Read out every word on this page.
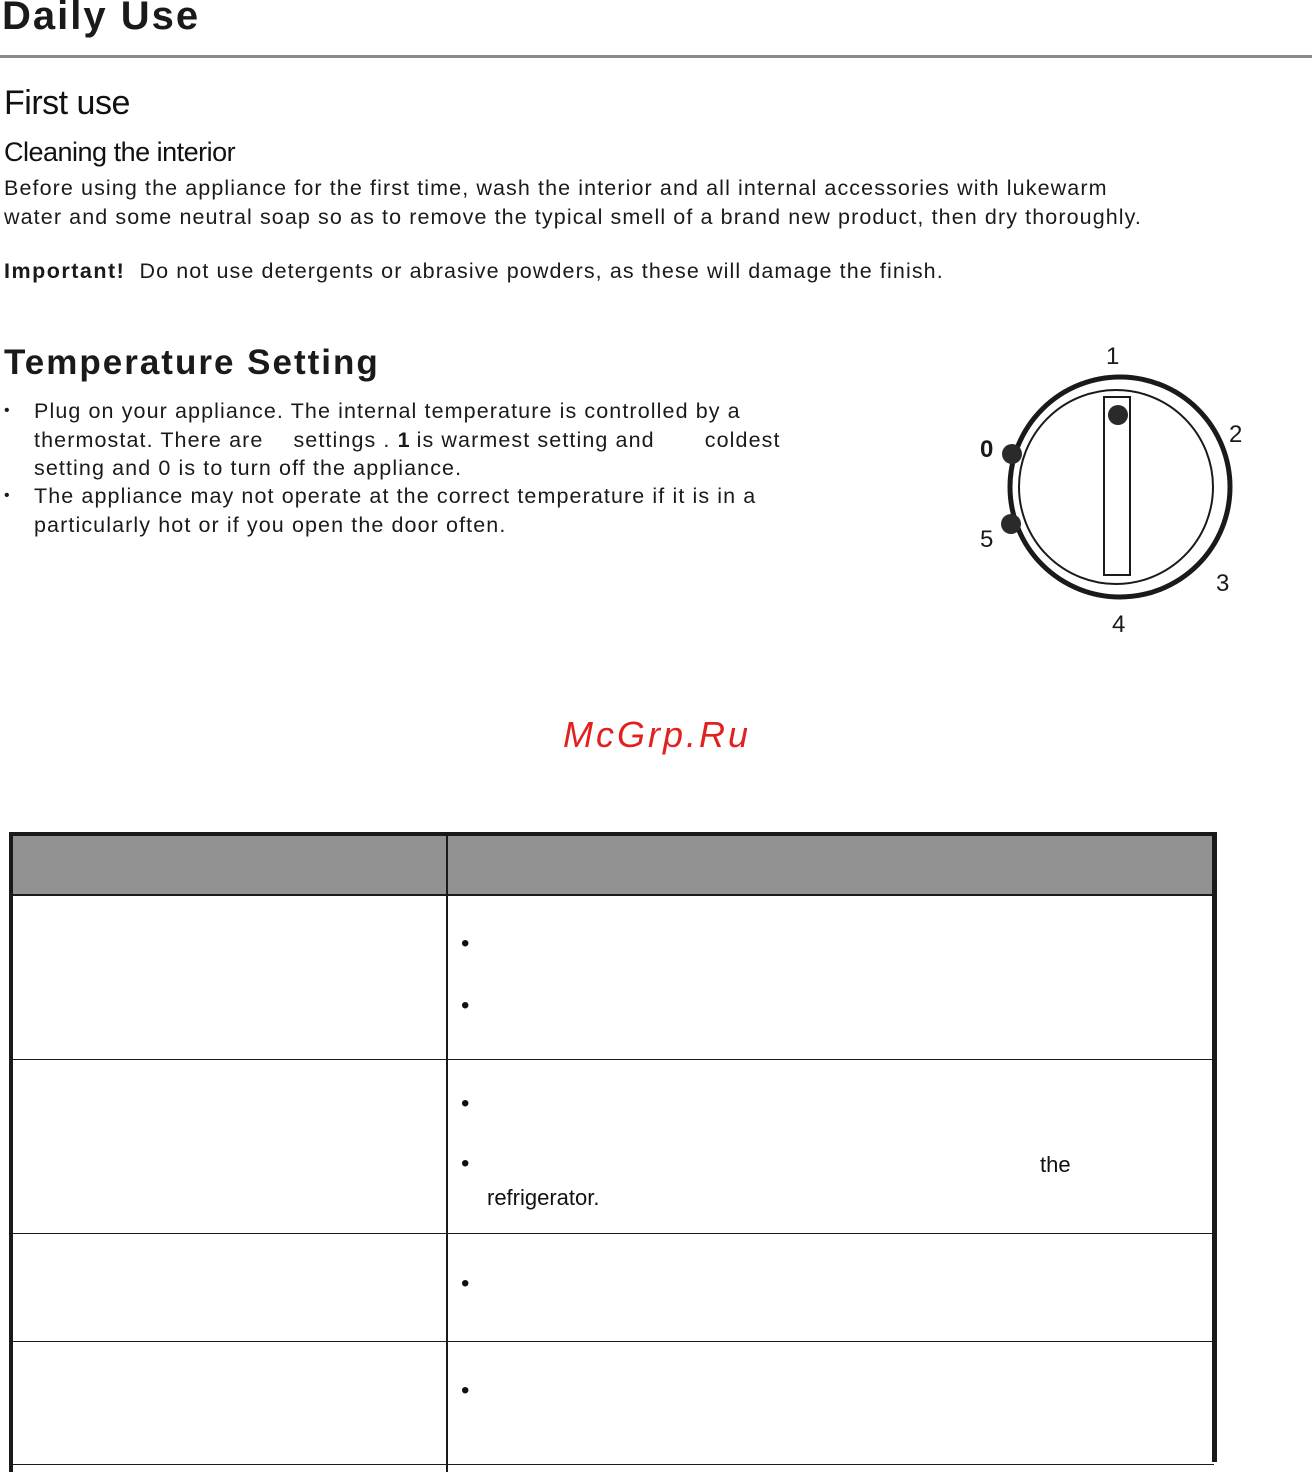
Daily Use
First use
Cleaning the interior
Before using the appliance for the first time, wash the interior and all internal accessories with lukewarm
water and some neutral soap so as to remove the typical smell of a brand new product, then dry thoroughly.
Important! Do not use detergents or abrasive powders, as these will damage the finish.
Temperature Setting
• Plug on your appliance. The internal temperature is controlled by a
thermostat. There are settings . 1 is warmest setting and coldest
setting and 0 is to turn off the appliance.
• The appliance may not operate at the correct temperature if it is in a
particularly hot or if you open the door often.
1
2
3
4
5
0
McGrp.Ru
•
•
•
•
•
•
the
refrigerator.
